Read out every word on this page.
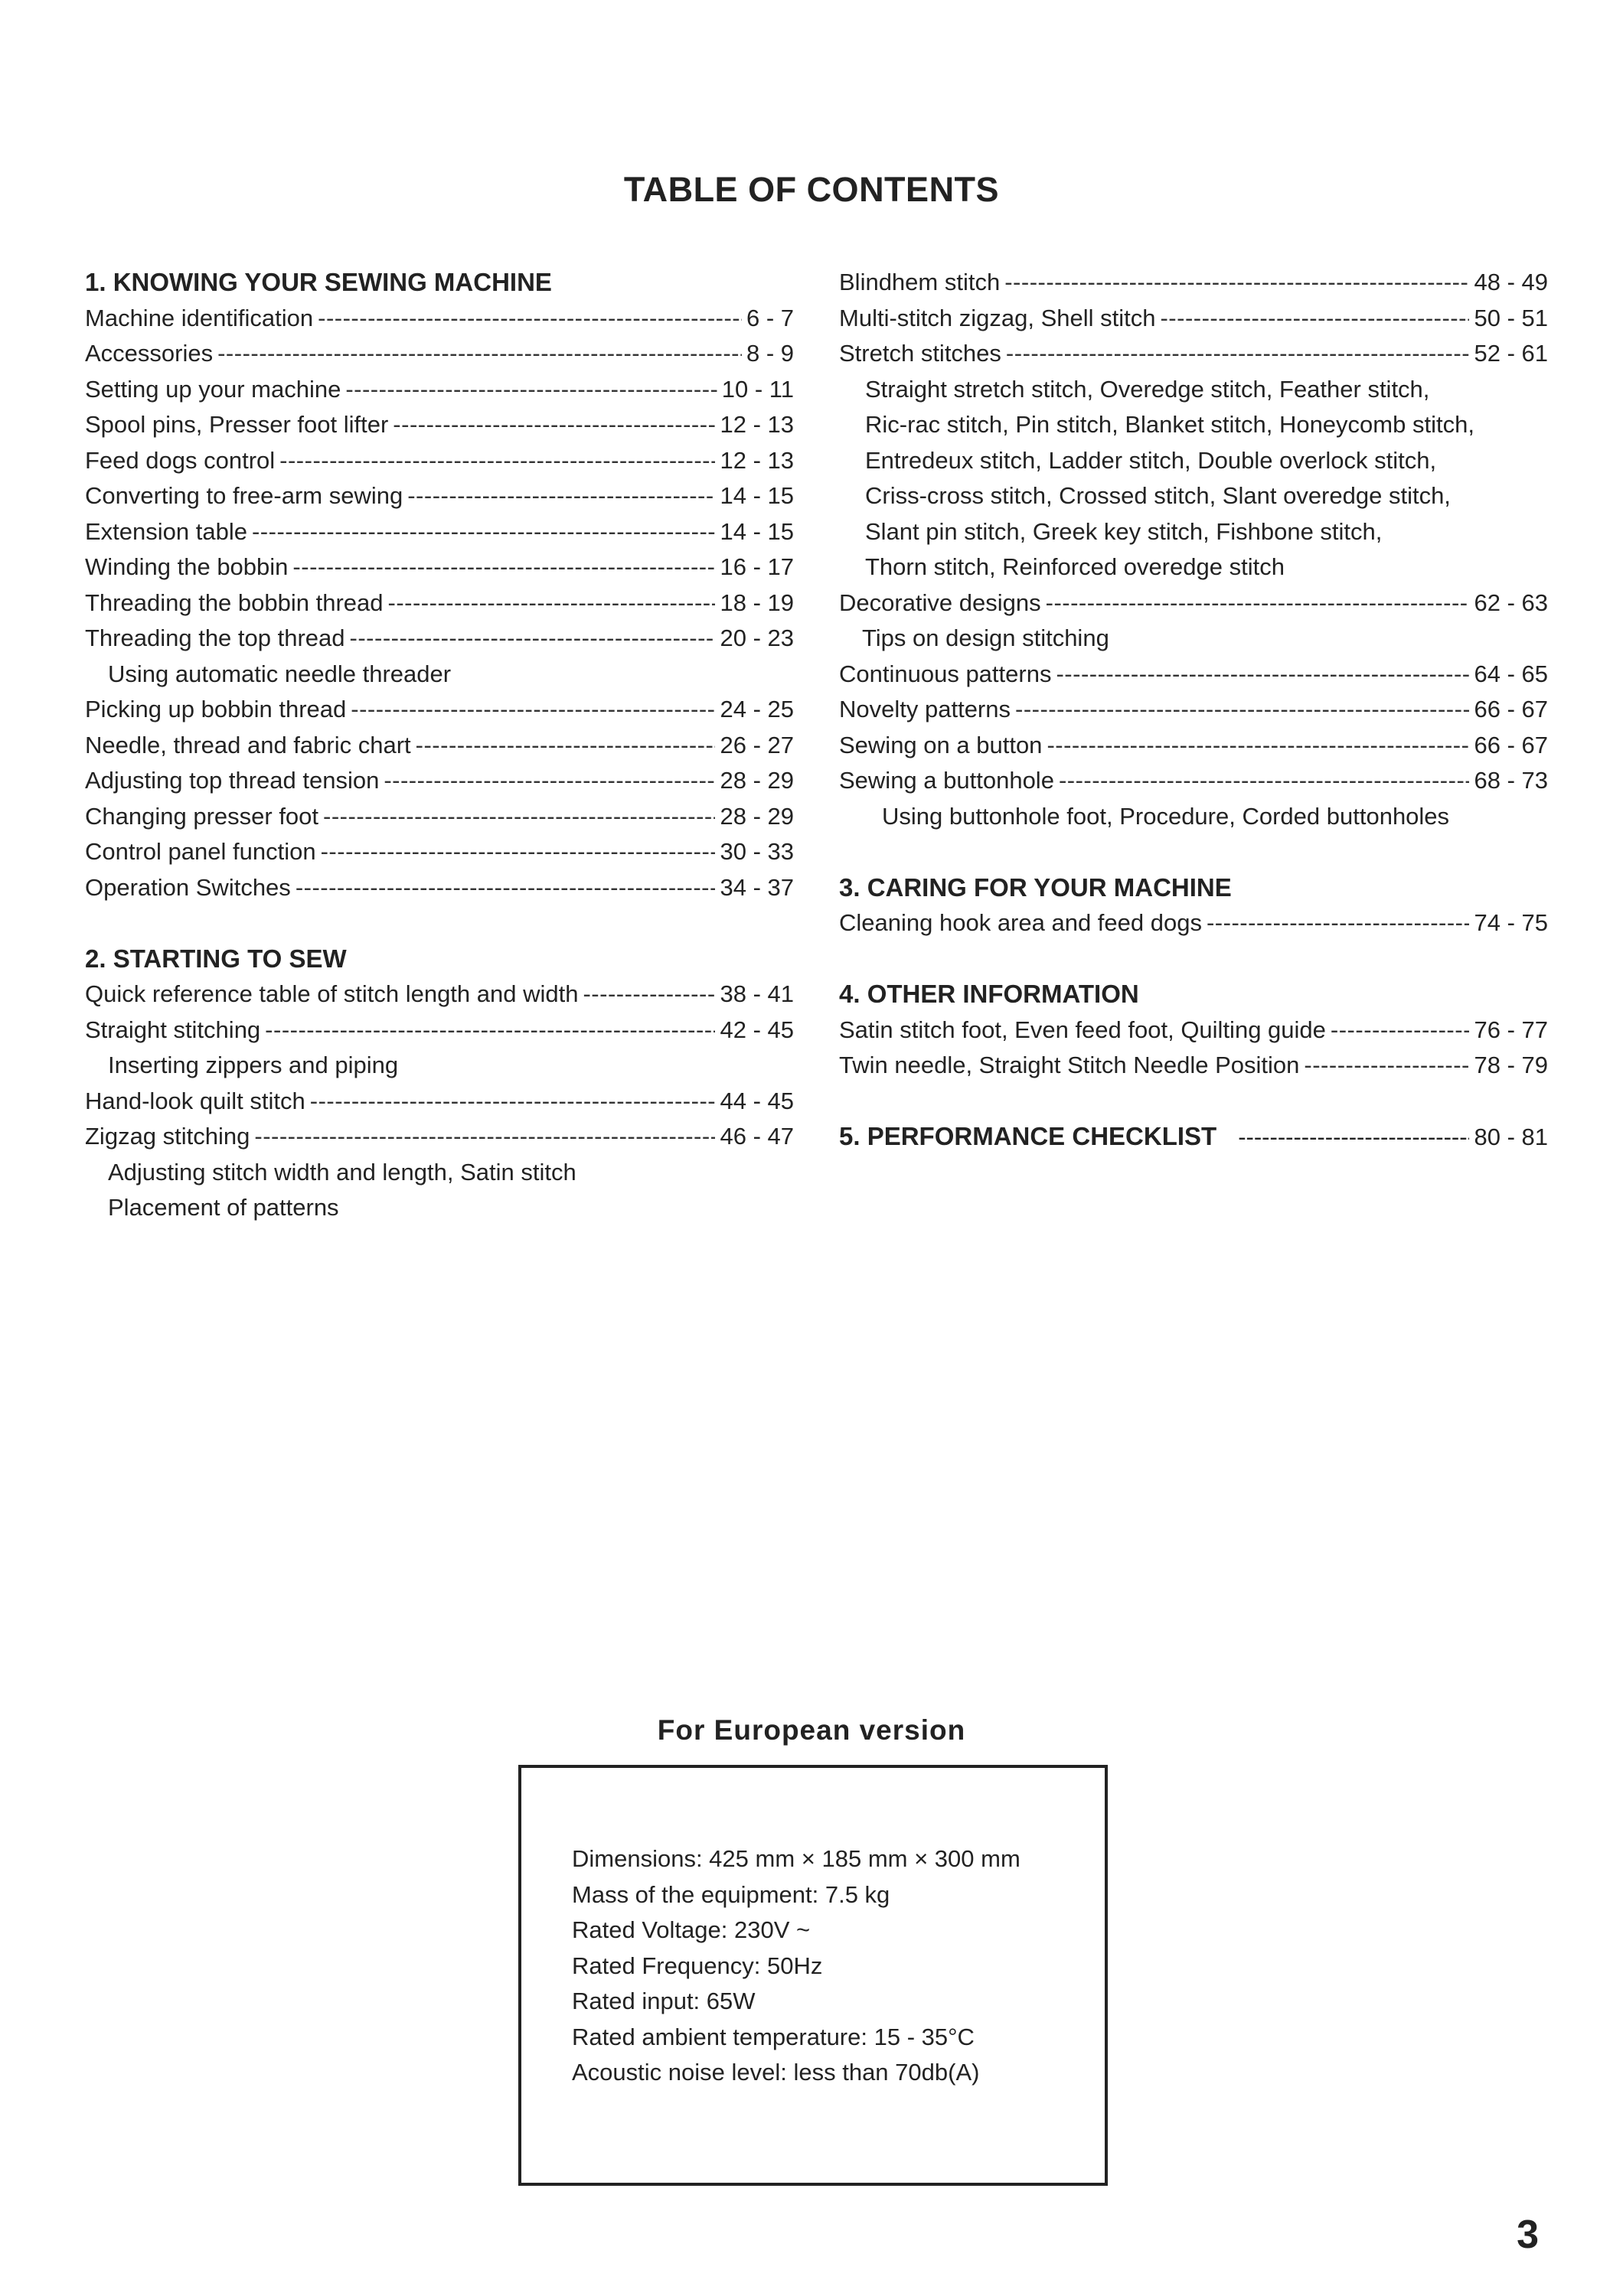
TABLE OF CONTENTS
1. KNOWING YOUR SEWING MACHINE
Machine identification -----	6 - 7
Accessories -----	8 - 9
Setting up your machine -----	10 - 11
Spool pins, Presser foot lifter -----	12 - 13
Feed dogs control -----	12 - 13
Converting to free-arm sewing -----	14 - 15
Extension table -----	14 - 15
Winding the bobbin -----	16 - 17
Threading the bobbin thread -----	18 - 19
Threading the top thread -----	20 - 23
Using automatic needle threader
Picking up bobbin thread -----	24 - 25
Needle, thread and fabric chart -----	26 - 27
Adjusting top thread tension -----	28 - 29
Changing presser foot -----	28 - 29
Control panel function -----	30 - 33
Operation Switches -----	34 - 37
2. STARTING TO SEW
Quick reference table of stitch length and width -----	38 - 41
Straight stitching -----	42 - 45
Inserting zippers and piping
Hand-look quilt stitch -----	44 - 45
Zigzag stitching -----	46 - 47
Adjusting stitch width and length, Satin stitch
Placement of patterns
Blindhem stitch -----	48 - 49
Multi-stitch zigzag, Shell stitch -----	50 - 51
Stretch stitches -----	52 - 61
Straight stretch stitch, Overedge stitch, Feather stitch,
Ric-rac stitch, Pin stitch, Blanket stitch, Honeycomb stitch,
Entredeux stitch, Ladder stitch, Double overlock stitch,
Criss-cross stitch, Crossed stitch, Slant overedge stitch,
Slant pin stitch, Greek key stitch, Fishbone stitch,
Thorn stitch, Reinforced overedge stitch
Decorative designs -----	62 - 63
Tips on design stitching
Continuous patterns -----	64 - 65
Novelty patterns -----	66 - 67
Sewing on a button -----	66 - 67
Sewing a buttonhole -----	68 - 73
Using buttonhole foot, Procedure, Corded buttonholes
3. CARING FOR YOUR MACHINE
Cleaning hook area and feed dogs -----	74 - 75
4. OTHER INFORMATION
Satin stitch foot, Even feed foot, Quilting guide -----	76 - 77
Twin needle, Straight Stitch Needle Position -----	78 - 79
5. PERFORMANCE CHECKLIST -----	80 - 81
For European version
Dimensions: 425 mm × 185 mm × 300 mm
Mass of the equipment: 7.5 kg
Rated Voltage: 230V ~
Rated Frequency: 50Hz
Rated input: 65W
Rated ambient temperature: 15 - 35°C
Acoustic noise level: less than 70db(A)

3
